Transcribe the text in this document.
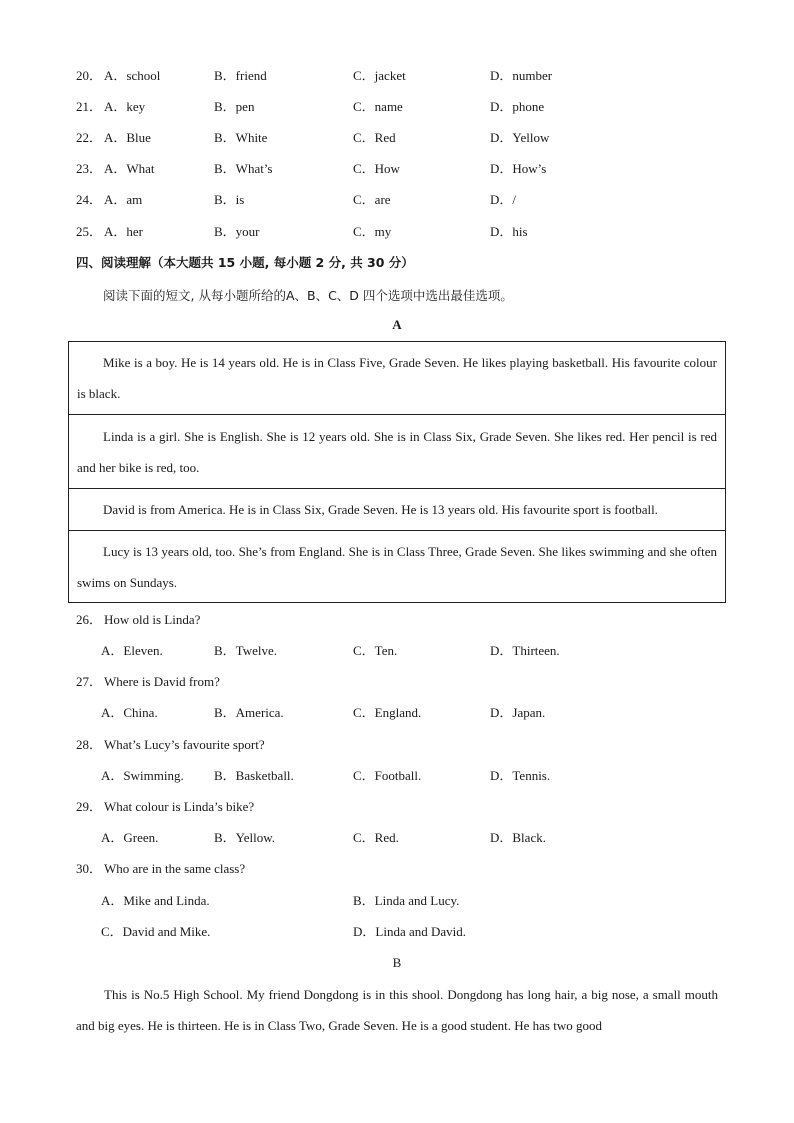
20． A．school	B．friend	C．jacket	D．number
21． A．key	B．pen	C．name	D．phone
22． A．Blue	B．White	C．Red	D．Yellow
23． A．What	B．What’s	C．How	D．How’s
24． A．am	B．is	C．are	D．/
25． A．her	B．your	C．my	D．his
四、阅读理解（本大题共 15 小题, 每小题 2 分, 共 30 分）
阅读下面的短文, 从每小题所给的A、B、C、D 四个选项中选出最佳选项。
A
Mike is a boy. He is 14 years old. He is in Class Five, Grade Seven. He likes playing basketball. His favourite colour is black.
Linda is a girl. She is English. She is 12 years old. She is in Class Six, Grade Seven. She likes red. Her pencil is red and her bike is red, too.
David is from America. He is in Class Six, Grade Seven. He is 13 years old. His favourite sport is football.
Lucy is 13 years old, too. She’s from England. She is in Class Three, Grade Seven. She likes swimming and she often swims on Sundays.
26． How old is Linda?
A．Eleven.	B．Twelve.	C．Ten.	D．Thirteen.
27． Where is David from?
A．China.	B．America.	C．England.	D．Japan.
28． What’s Lucy’s favourite sport?
A．Swimming. B．Basketball.	C．Football.	D．Tennis.
29． What colour is Linda’s bike?
A．Green.	B．Yellow.	C．Red.	D．Black.
30． Who are in the same class?
A．Mike and Linda.	B．Linda and Lucy.
C．David and Mike.	D．Linda and David.
B
This is No.5 High School. My friend Dongdong is in this shool. Dongdong has long hair, a big nose, a small mouth and big eyes. He is thirteen. He is in Class Two, Grade Seven. He is a good student. He has two good
